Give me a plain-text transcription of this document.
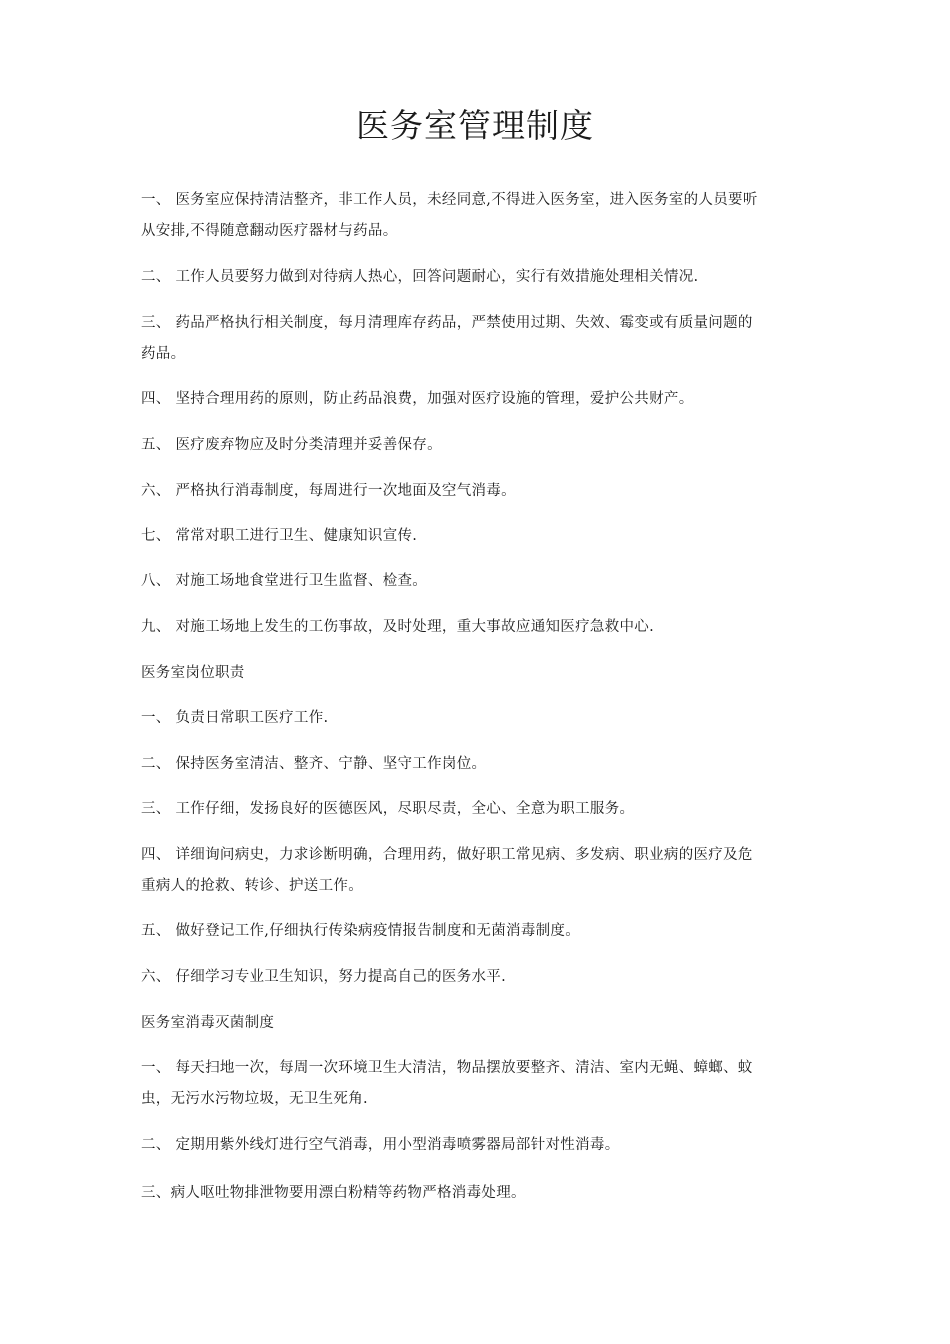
医务室管理制度

一、 医务室应保持清洁整齐，非工作人员，未经同意,不得进入医务室，进入医务室的人员要听从安排,不得随意翻动医疗器材与药品。

二、 工作人员要努力做到对待病人热心，回答问题耐心，实行有效措施处理相关情况.

三、 药品严格执行相关制度，每月清理库存药品，严禁使用过期、失效、霉变或有质量问题的药品。

四、 坚持合理用药的原则，防止药品浪费，加强对医疗设施的管理，爱护公共财产。

五、 医疗废弃物应及时分类清理并妥善保存。

六、 严格执行消毒制度，每周进行一次地面及空气消毒。

七、 常常对职工进行卫生、健康知识宣传.

八、 对施工场地食堂进行卫生监督、检查。

九、 对施工场地上发生的工伤事故，及时处理，重大事故应通知医疗急救中心.

医务室岗位职责

一、 负责日常职工医疗工作.

二、 保持医务室清洁、整齐、宁静、坚守工作岗位。

三、 工作仔细，发扬良好的医德医风，尽职尽责，全心、全意为职工服务。

四、 详细询问病史，力求诊断明确，合理用药，做好职工常见病、多发病、职业病的医疗及危重病人的抢救、转诊、护送工作。

五、 做好登记工作,仔细执行传染病疫情报告制度和无菌消毒制度。

六、 仔细学习专业卫生知识，努力提高自己的医务水平.

医务室消毒灭菌制度

一、 每天扫地一次，每周一次环境卫生大清洁，物品摆放要整齐、清洁、室内无蝇、蟑螂、蚊虫，无污水污物垃圾，无卫生死角.

二、 定期用紫外线灯进行空气消毒，用小型消毒喷雾器局部针对性消毒。

三、病人呕吐物排泄物要用漂白粉精等药物严格消毒处理。
